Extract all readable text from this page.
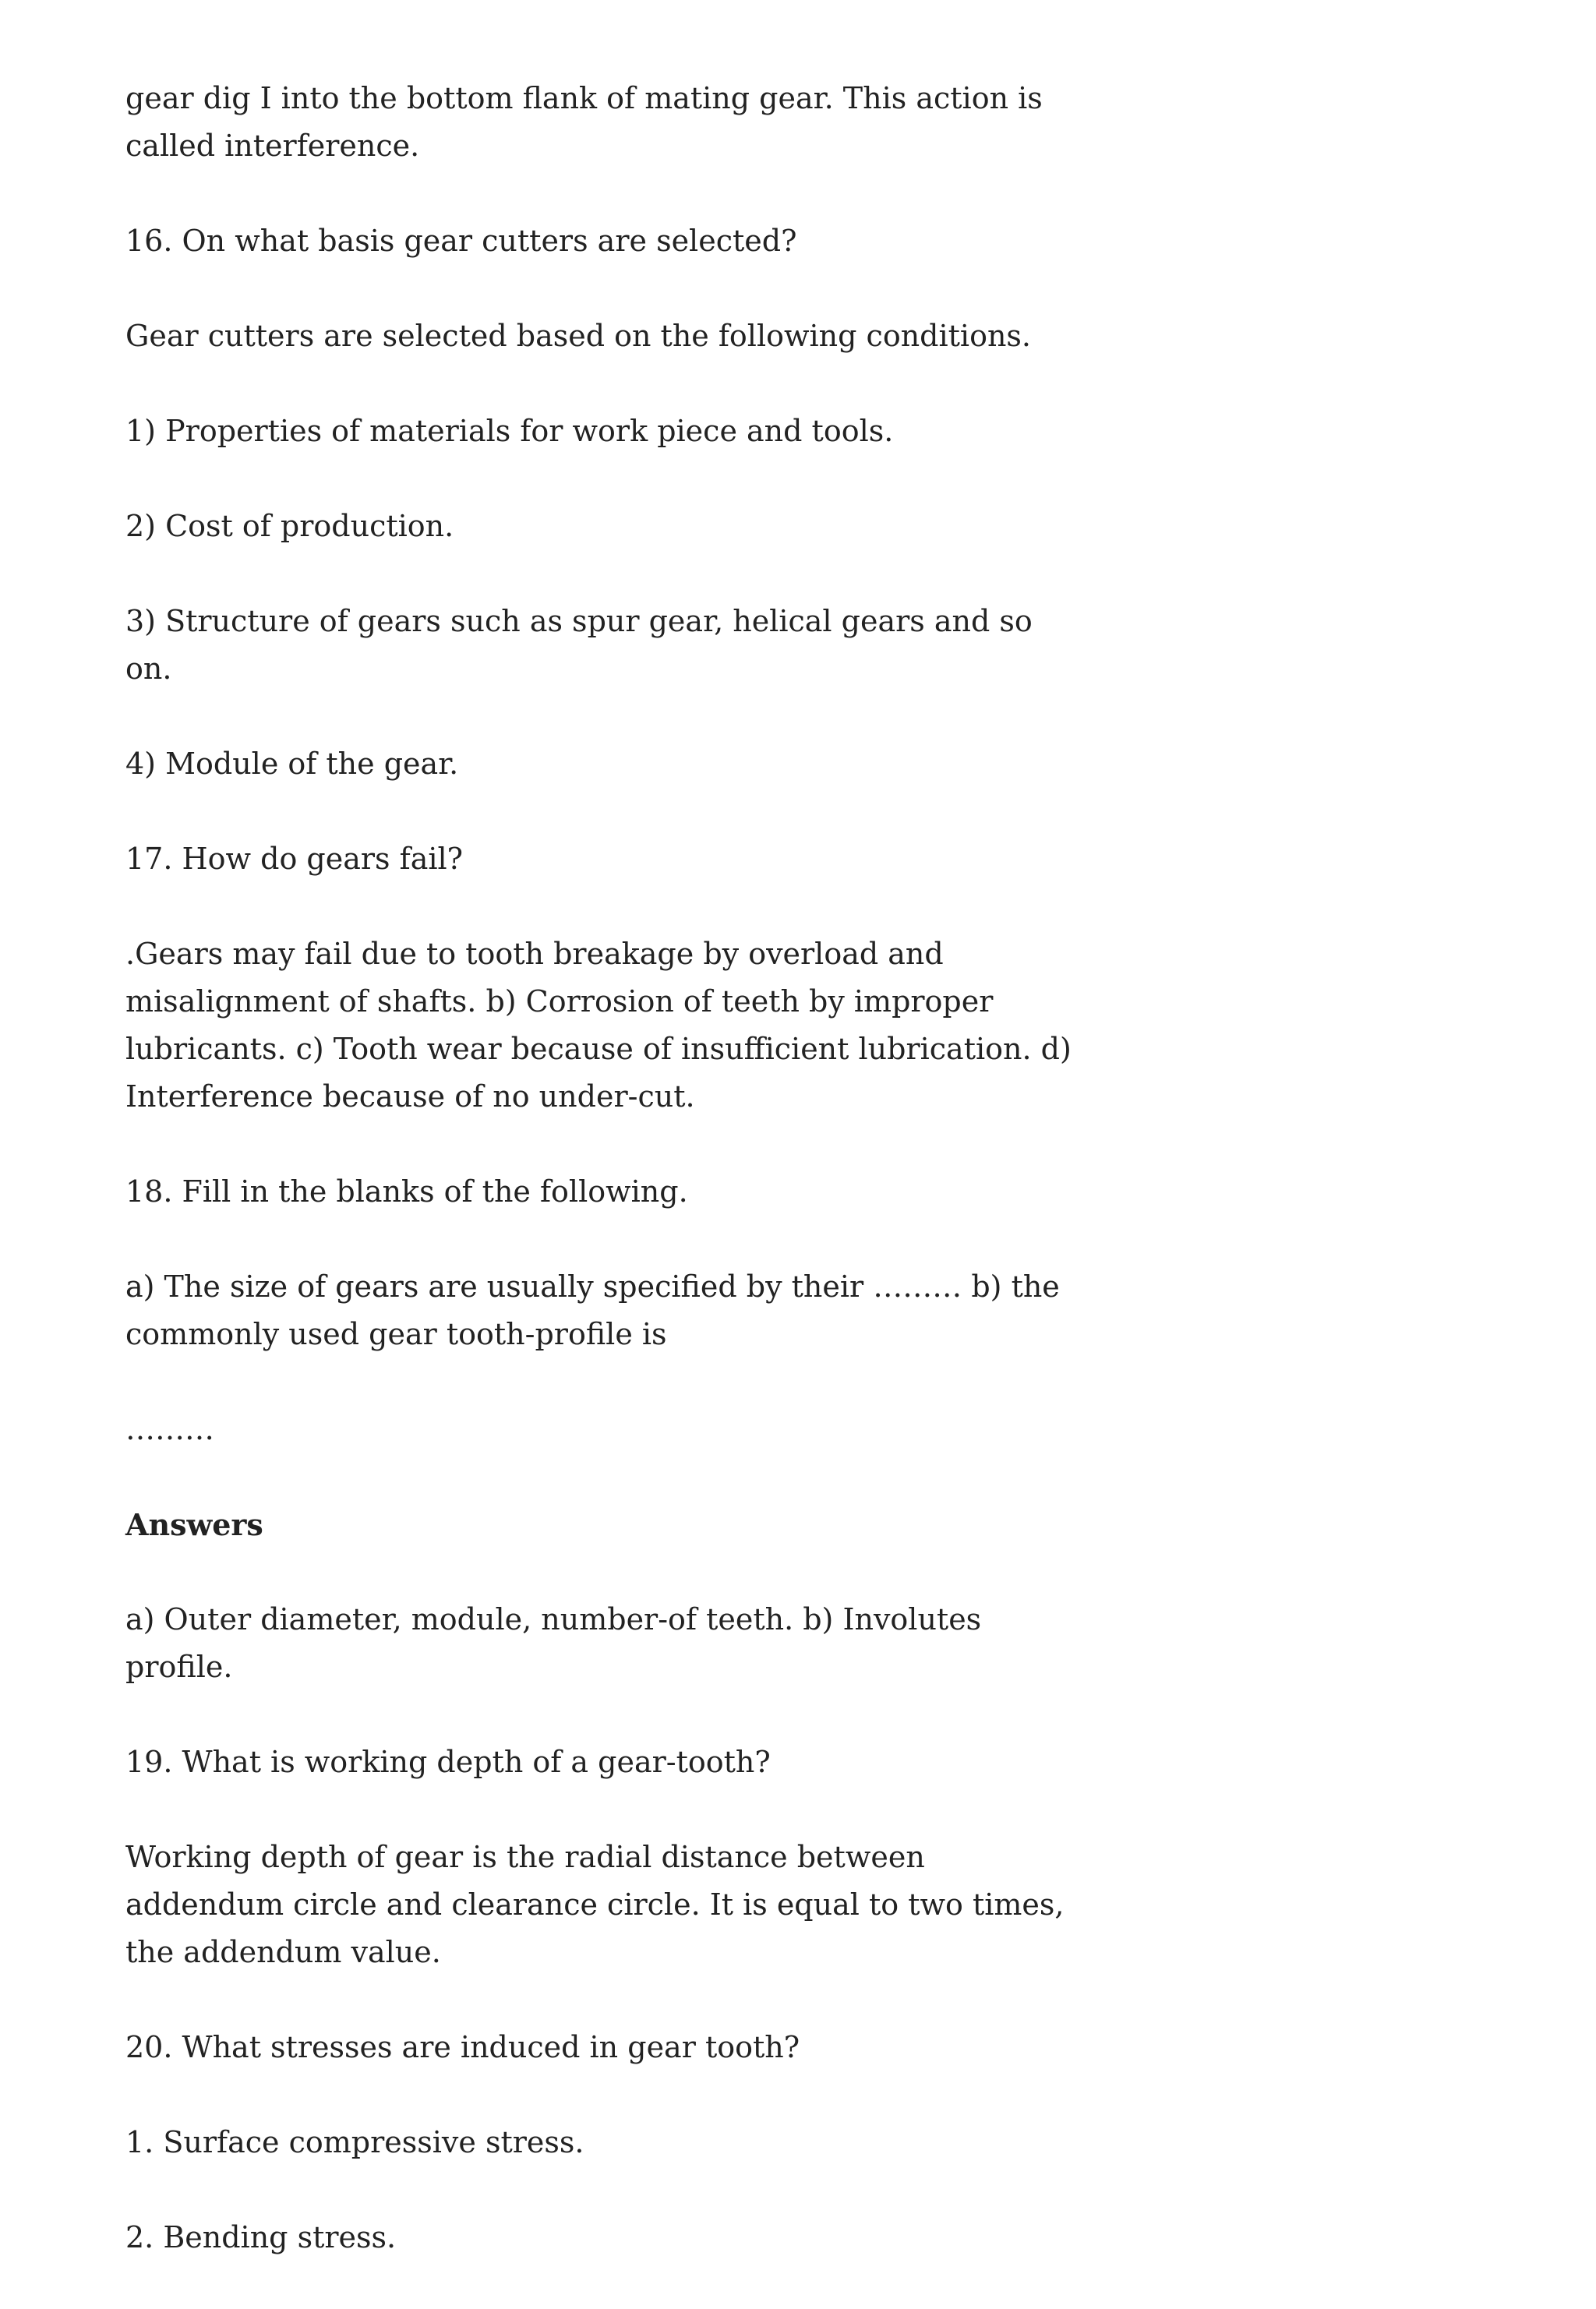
gear dig I into the bottom flank of mating gear. This action is called interference.

16. On what basis gear cutters are selected?

Gear cutters are selected based on the following conditions.

1) Properties of materials for work piece and tools.

2) Cost of production.

3) Structure of gears such as spur gear, helical gears and so on.

4) Module of the gear.

17. How do gears fail?

.Gears may fail due to tooth breakage by overload and misalignment of shafts. b) Corrosion of teeth by improper lubricants. c) Tooth wear because of insufficient lubrication. d) Interference because of no under-cut.

18. Fill in the blanks of the following.

a) The size of gears are usually specified by their ……… b) the commonly used gear tooth-profile is

………

Answers

a) Outer diameter, module, number-of teeth. b) Involutes profile.

19. What is working depth of a gear-tooth?

Working depth of gear is the radial distance between addendum circle and clearance circle. It is equal to two times, the addendum value.

20. What stresses are induced in gear tooth?

1. Surface compressive stress.

2. Bending stress.
